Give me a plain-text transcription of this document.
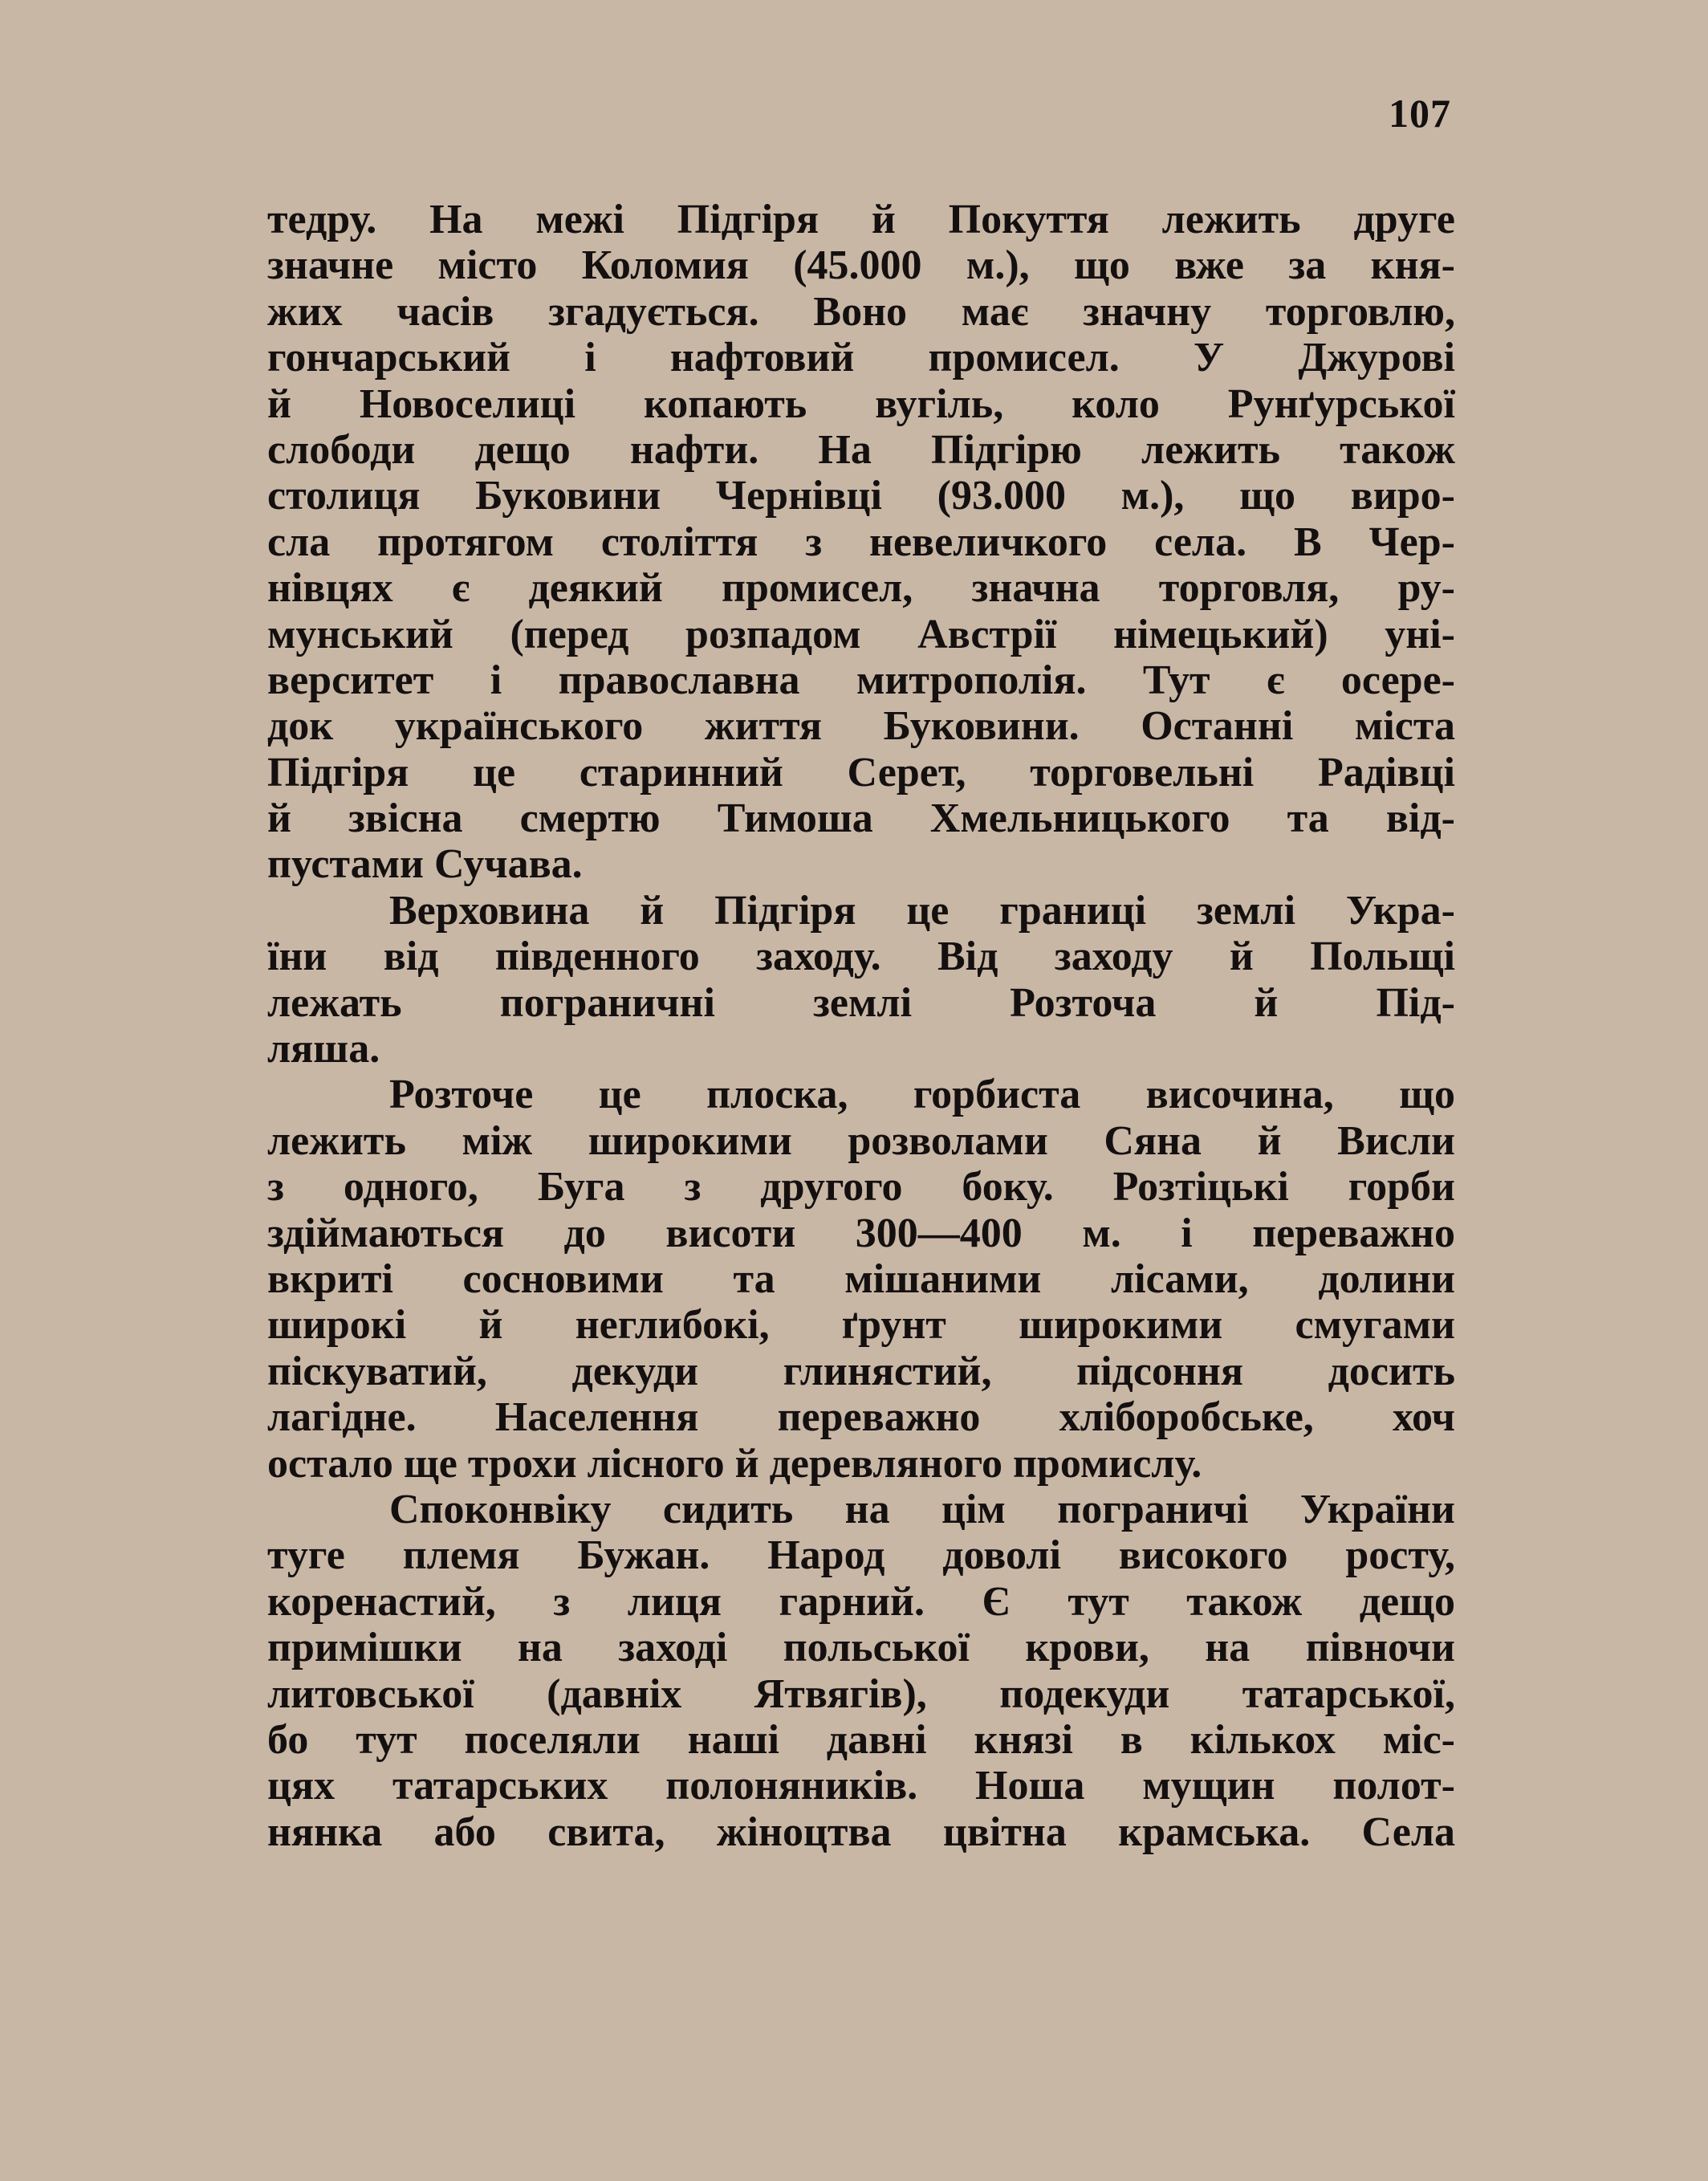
107
тедру. На межі Підгіря й Покуття лежить друге
значне місто Коломия (45.000 м.), що вже за кня-
жих часів згадується. Воно має значну торговлю,
гончарський і нафтовий промисел. У Джурові
й Новоселиці копають вугіль, коло Рунґурської
слободи дещо нафти. На Підгірю лежить також
столиця Буковини Чернівці (93.000 м.), що виро-
сла протягом століття з невеличкого села. В Чер-
нівцях є деякий промисел, значна торговля, ру-
мунський (перед розпадом Австрії німецький) уні-
верситет і православна митрополія. Тут є осере-
док українського життя Буковини. Останні міста
Підгіря це старинний Серет, торговельні Радівці
й звісна смертю Тимоша Хмельницького та від-
пустами Сучава.
Верховина й Підгіря це границі землі Укра-
їни від південного заходу. Від заходу й Польщі
лежать пограничні землі Розточа й Під-
ляша.
Розточе це плоска, горбиста височина, що
лежить між широкими розволами Сяна й Висли
з одного, Буга з другого боку. Розтіцькі горби
здіймаються до висоти 300—400 м. і переважно
вкриті сосновими та мішаними лісами, долини
широкі й неглибокі, ґрунт широкими смугами
піскуватий, декуди глинястий, підсоння досить
лагідне. Населення переважно хліборобське, хоч
остало ще трохи лісного й деревляного промислу.
Споконвіку сидить на цім пограничі України
туге племя Бужан. Народ доволі високого росту,
коренастий, з лиця гарний. Є тут також дещо
примішки на заході польської крови, на півночи
литовської (давніх Ятвягів), подекуди татарської,
бо тут поселяли наші давні князі в кількох міс-
цях татарських полоняників. Ноша мущин полот-
нянка або свита, жіноцтва цвітна крамська. Села
